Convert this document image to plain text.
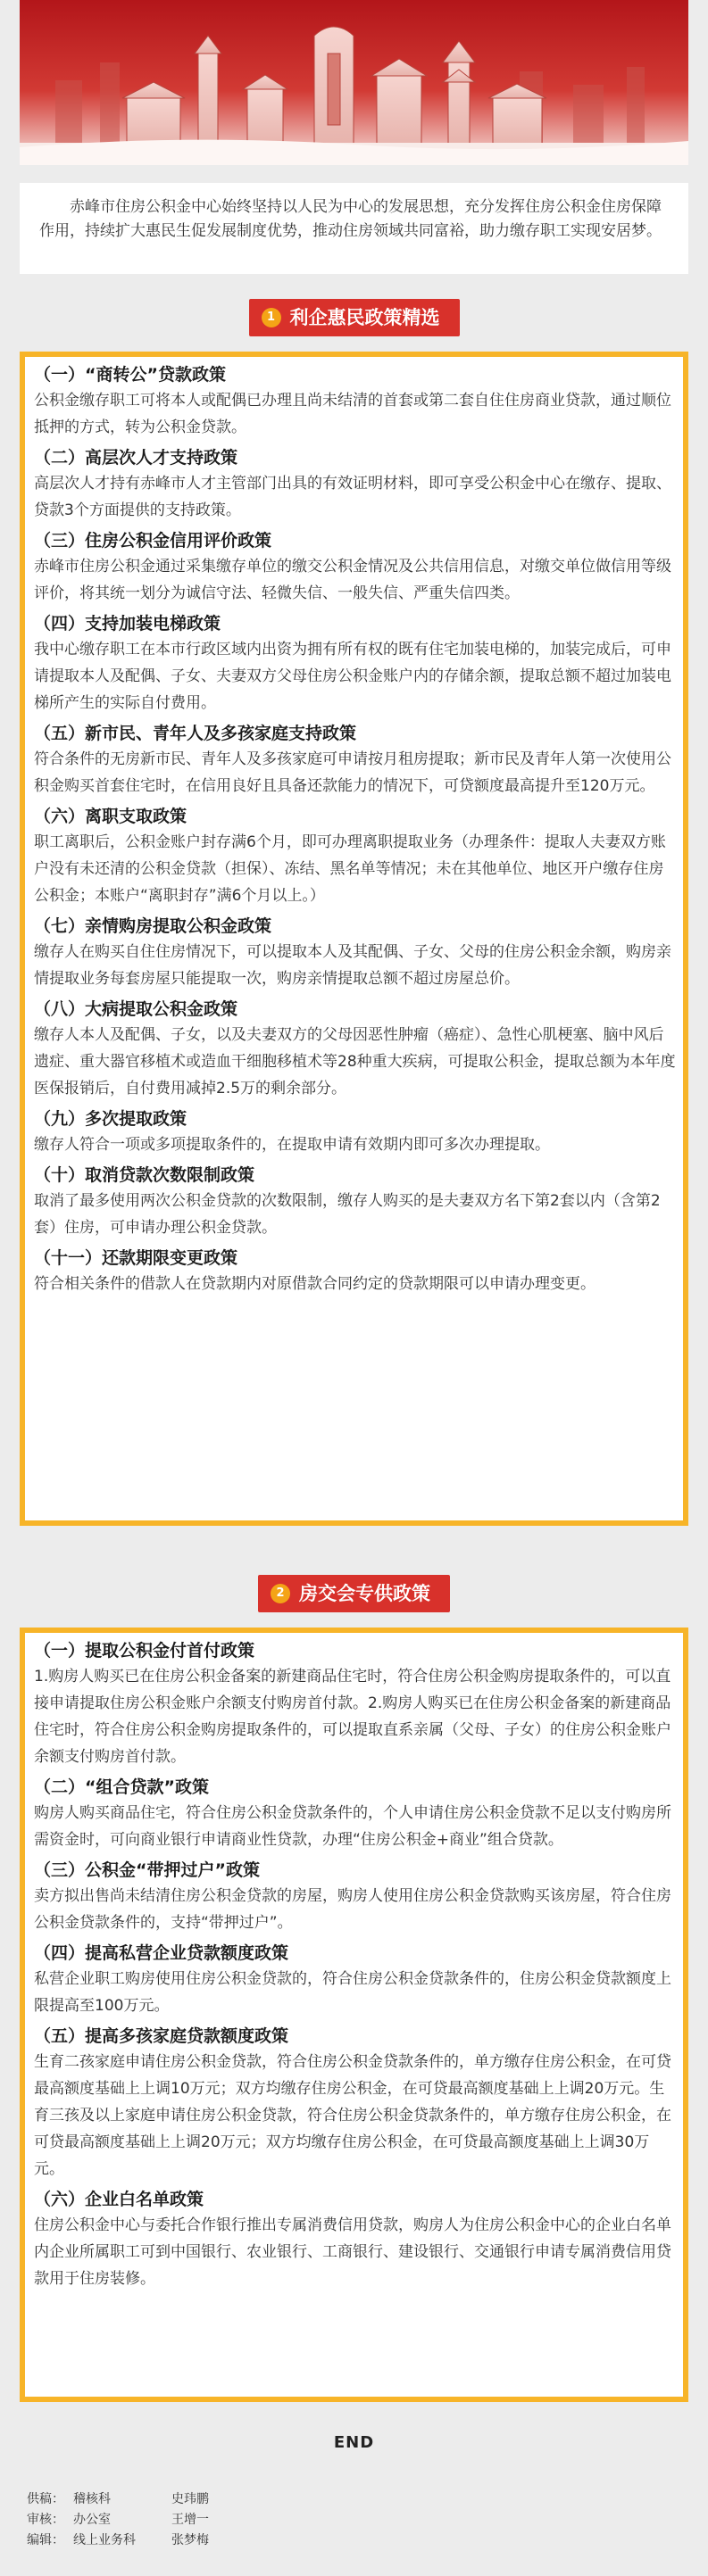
赤峰市住房公积金中心始终坚持以人民为中心的发展思想，充分发挥住房公积金住房保障作用，持续扩大惠民生促发展制度优势，推动住房领域共同富裕，助力缴存职工实现安居梦。
1 利企惠民政策精选
（一）“商转公”贷款政策

公积金缴存职工可将本人或配偶已办理且尚未结清的首套或第二套自住住房商业贷款，通过顺位抵押的方式，转为公积金贷款。

（二）高层次人才支持政策

高层次人才持有赤峰市人才主管部门出具的有效证明材料，即可享受公积金中心在缴存、提取、贷款3个方面提供的支持政策。

（三）住房公积金信用评价政策

赤峰市住房公积金通过采集缴存单位的缴交公积金情况及公共信用信息，对缴交单位做信用等级评价，将其统一划分为诚信守法、轻微失信、一般失信、严重失信四类。

（四）支持加装电梯政策

我中心缴存职工在本市行政区域内出资为拥有所有权的既有住宅加装电梯的，加装完成后，可申请提取本人及配偶、子女、夫妻双方父母住房公积金账户内的存储余额，提取总额不超过加装电梯所产生的实际自付费用。

（五）新市民、青年人及多孩家庭支持政策

符合条件的无房新市民、青年人及多孩家庭可申请按月租房提取；新市民及青年人第一次使用公积金购买首套住宅时，在信用良好且具备还款能力的情况下，可贷额度最高提升至120万元。

（六）离职支取政策

职工离职后，公积金账户封存满6个月，即可办理离职提取业务（办理条件：提取人夫妻双方账户没有未还清的公积金贷款（担保）、冻结、黑名单等情况；未在其他单位、地区开户缴存住房公积金；本账户“离职封存”满6个月以上。）

（七）亲情购房提取公积金政策

缴存人在购买自住住房情况下，可以提取本人及其配偶、子女、父母的住房公积金余额，购房亲情提取业务每套房屋只能提取一次，购房亲情提取总额不超过房屋总价。

（八）大病提取公积金政策

缴存人本人及配偶、子女，以及夫妻双方的父母因恶性肿瘤（癌症）、急性心肌梗塞、脑中风后遗症、重大器官移植术或造血干细胞移植术等28种重大疾病，可提取公积金，提取总额为本年度医保报销后，自付费用减掉2.5万的剩余部分。

（九）多次提取政策

缴存人符合一项或多项提取条件的，在提取申请有效期内即可多次办理提取。

（十）取消贷款次数限制政策

取消了最多使用两次公积金贷款的次数限制，缴存人购买的是夫妻双方名下第2套以内（含第2套）住房，可申请办理公积金贷款。

（十一）还款期限变更政策

符合相关条件的借款人在贷款期内对原借款合同约定的贷款期限可以申请办理变更。

2 房交会专供政策
（一）提取公积金付首付政策

1.购房人购买已在住房公积金备案的新建商品住宅时，符合住房公积金购房提取条件的，可以直接申请提取住房公积金账户余额支付购房首付款。2.购房人购买已在住房公积金备案的新建商品住宅时，符合住房公积金购房提取条件的，可以提取直系亲属（父母、子女）的住房公积金账户余额支付购房首付款。

（二）“组合贷款”政策

购房人购买商品住宅，符合住房公积金贷款条件的，个人申请住房公积金贷款不足以支付购房所需资金时，可向商业银行申请商业性贷款，办理“住房公积金+商业”组合贷款。

（三）公积金“带押过户”政策

卖方拟出售尚未结清住房公积金贷款的房屋，购房人使用住房公积金贷款购买该房屋，符合住房公积金贷款条件的，支持“带押过户”。

（四）提高私营企业贷款额度政策

私营企业职工购房使用住房公积金贷款的，符合住房公积金贷款条件的，住房公积金贷款额度上限提高至100万元。

（五）提高多孩家庭贷款额度政策

生育二孩家庭申请住房公积金贷款，符合住房公积金贷款条件的，单方缴存住房公积金，在可贷最高额度基础上上调10万元；双方均缴存住房公积金，在可贷最高额度基础上上调20万元。生育三孩及以上家庭申请住房公积金贷款，符合住房公积金贷款条件的，单方缴存住房公积金，在可贷最高额度基础上上调20万元；双方均缴存住房公积金，在可贷最高额度基础上上调30万元。

（六）企业白名单政策

住房公积金中心与委托合作银行推出专属消费信用贷款，购房人为住房公积金中心的企业白名单内企业所属职工可到中国银行、农业银行、工商银行、建设银行、交通银行申请专属消费信用贷款用于住房装修。

END
供稿： 稽核科	史玮鹏
审核： 办公室	王增一
编辑： 线上业务科	张梦梅
